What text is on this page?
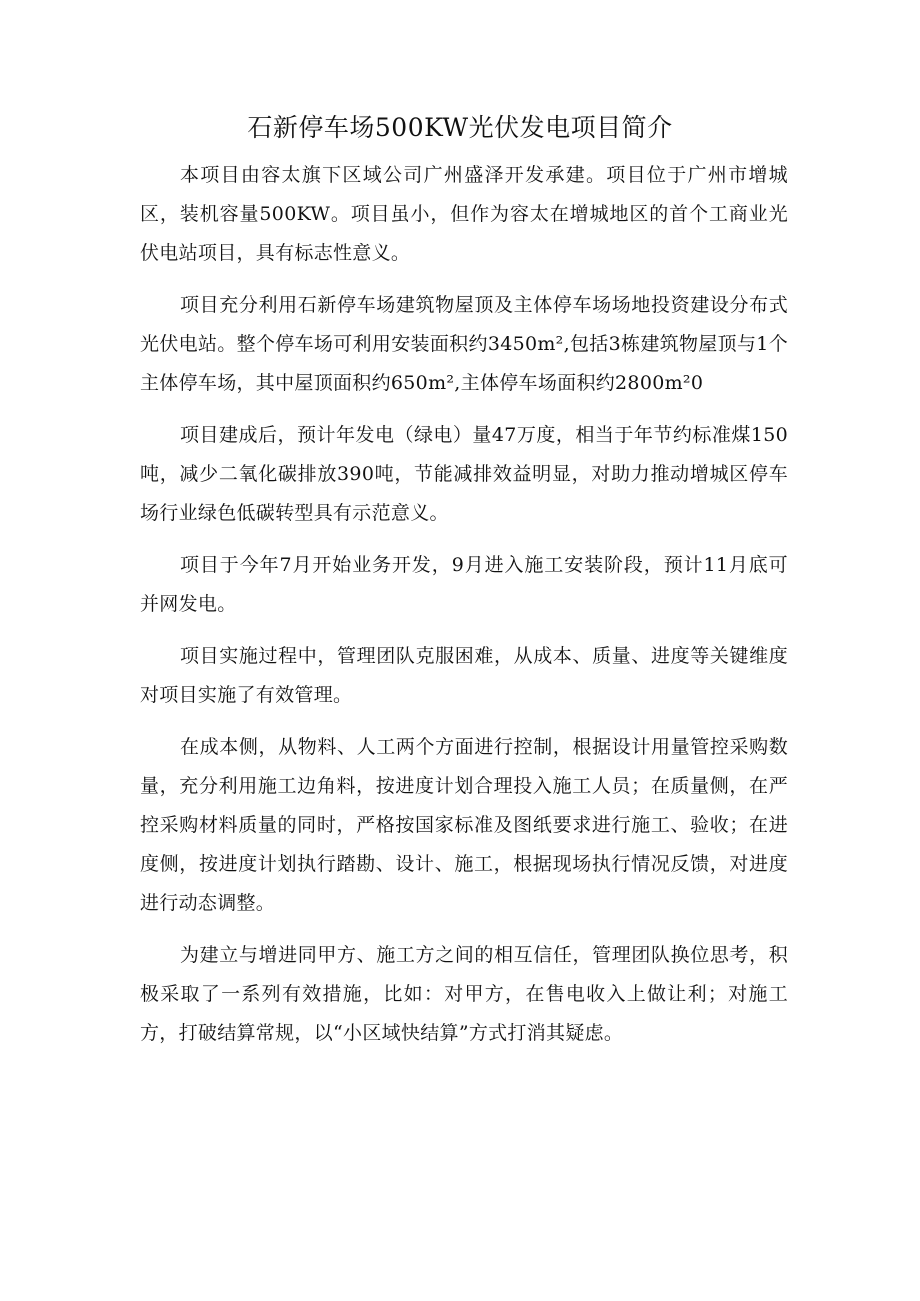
石新停车场500KW光伏发电项目简介

本项目由容太旗下区域公司广州盛泽开发承建。项目位于广州市增城区，装机容量500KW。项目虽小，但作为容太在增城地区的首个工商业光伏电站项目，具有标志性意义。

项目充分利用石新停车场建筑物屋顶及主体停车场场地投资建设分布式光伏电站。整个停车场可利用安装面积约3450m²,包括3栋建筑物屋顶与1个主体停车场，其中屋顶面积约650m²,主体停车场面积约2800m²0

项目建成后，预计年发电（绿电）量47万度，相当于年节约标准煤150吨，减少二氧化碳排放390吨，节能减排效益明显，对助力推动增城区停车场行业绿色低碳转型具有示范意义。

项目于今年7月开始业务开发，9月进入施工安装阶段，预计11月底可并网发电。

项目实施过程中，管理团队克服困难，从成本、质量、进度等关键维度对项目实施了有效管理。

在成本侧，从物料、人工两个方面进行控制，根据设计用量管控采购数量，充分利用施工边角料，按进度计划合理投入施工人员；在质量侧，在严控采购材料质量的同时，严格按国家标准及图纸要求进行施工、验收；在进度侧，按进度计划执行踏勘、设计、施工，根据现场执行情况反馈，对进度进行动态调整。

为建立与增进同甲方、施工方之间的相互信任，管理团队换位思考，积极采取了一系列有效措施，比如：对甲方，在售电收入上做让利；对施工方，打破结算常规，以“小区域快结算”方式打消其疑虑。
